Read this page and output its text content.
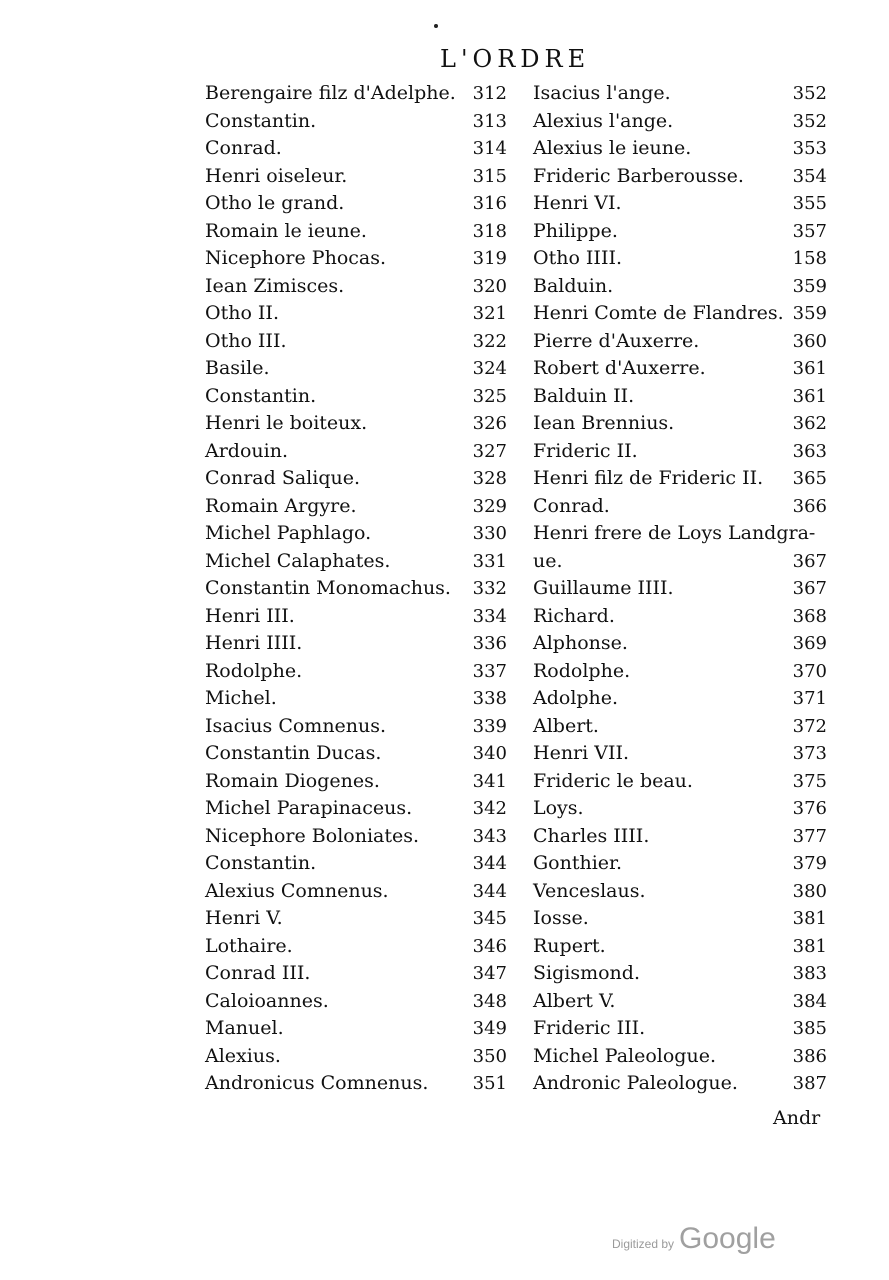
L'ORDRE
Berengaire filz d'Adelphe. 312
Constantin.	313
Conrad.	314
Henri oiseleur.	315
Otho le grand.	316
Romain le ieune.	318
Nicephore Phocas.	319
Iean Zimisces.	320
Otho II.	321
Otho III.	322
Basile.	324
Constantin.	325
Henri le boiteux.	326
Ardouin.	327
Conrad Salique.	328
Romain Argyre.	329
Michel Paphlago.	330
Michel Calaphates.	331
Constantin Monomachus.	332
Henri III.	334
Henri IIII.	336
Rodolphe.	337
Michel.	338
Isacius Comnenus.	339
Constantin Ducas.	340
Romain Diogenes.	341
Michel Parapinaceus.	342
Nicephore Boloniates.	343
Constantin.	344
Alexius Comnenus.	344
Henri V.	345
Lothaire.	346
Conrad III.	347
Caloioannes.	348
Manuel.	349
Alexius.	350
Andronicus Comnenus.	351
Isacius l'ange.	352
Alexius l'ange.	352
Alexius le ieune.	353
Frideric Barberousse.	354
Henri VI.	355
Philippe.	357
Otho IIII.	158
Balduin.	359
Henri Comte de Flandres. 359
Pierre d'Auxerre.	360
Robert d'Auxerre.	361
Balduin II.	361
Iean Brennius.	362
Frideric II.	363
Henri filz de Frideric II.	365
Conrad.	366
Henri frere de Loys Landgra-
ue.	367
Guillaume IIII.	367
Richard.	368
Alphonse.	369
Rodolphe.	370
Adolphe.	371
Albert.	372
Henri VII.	373
Frideric le beau.	375
Loys.	376
Charles IIII.	377
Gonthier.	379
Venceslaus.	380
Iosse.	381
Rupert.	381
Sigismond.	383
Albert V.	384
Frideric III.	385
Michel Paleologue.	386
Andronic Paleologue.	387
Andr
Digitized by Google
